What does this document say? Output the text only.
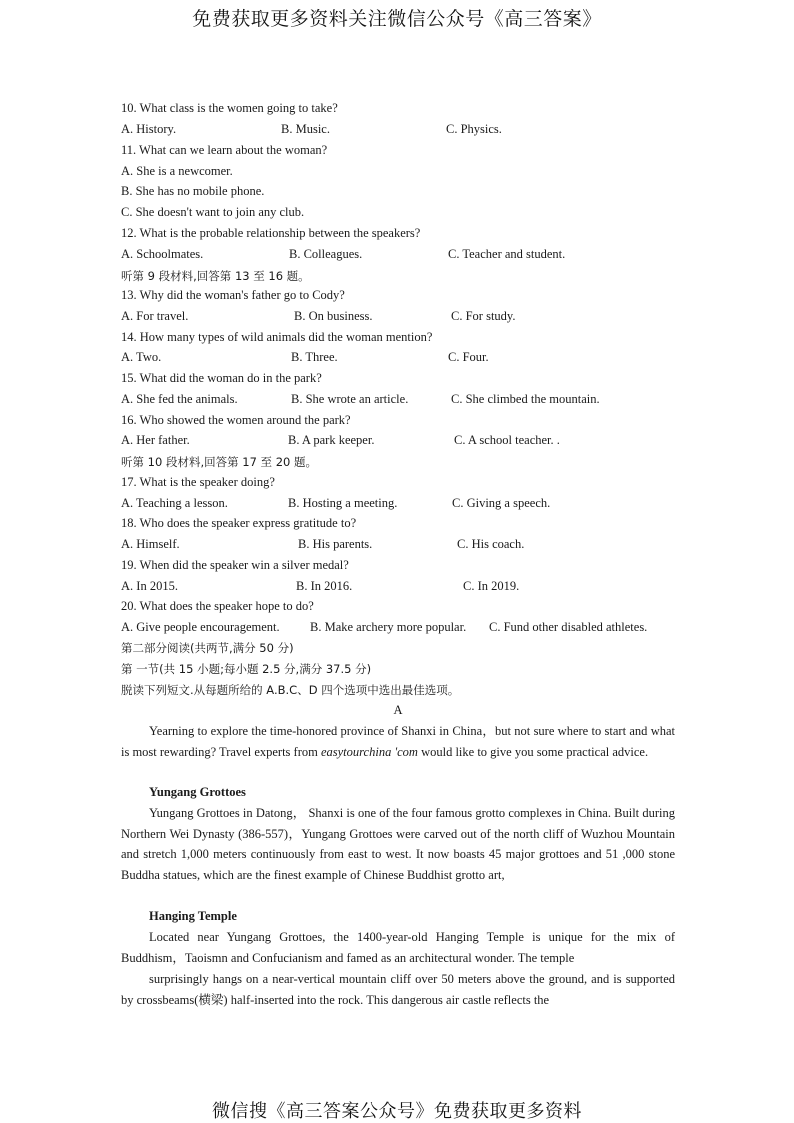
免费获取更多资料关注微信公众号《高三答案》
10. What class is the women going to take?
A. History.	B. Music.	C. Physics.
11. What can we learn about the woman?
A. She is a newcomer.
B. She has no mobile phone.
C. She doesn't want to join any club.
12. What is the probable relationship between the speakers?
A. Schoolmates.	B. Colleagues.	C. Teacher and student.
听第 9 段材料,回答第 13 至 16 题。
13. Why did the woman's father go to Cody?
A. For travel.	B. On business.	C. For study.
14. How many types of wild animals did the woman mention?
A. Two.	B. Three.	C. Four.
15. What did the woman do in the park?
A. She fed the animals.	B. She wrote an article.	C. She climbed the mountain.
16. Who showed the women around the park?
A. Her father.	B. A park keeper.	C. A school teacher. .
听第 10 段材料,回答第 17 至 20 题。
17. What is the speaker doing?
A. Teaching a lesson.	B. Hosting a meeting.	C. Giving a speech.
18. Who does the speaker express gratitude to?
A. Himself.	B. His parents.	C. His coach.
19. When did the speaker win a silver medal?
A. In 2015.	B. In 2016.	C. In 2019.
20. What does the speaker hope to do?
A. Give people encouragement. B. Make archery more popular. C. Fund other disabled athletes.
第二部分阅读(共两节,满分 50 分)
第 一节(共 15 小题;每小题 2.5 分,满分 37.5 分)
脱读下列短文.从每题所给的 A.B.C、D 四个选项中选出最佳选项。
A

Yearning to explore the time-honored province of Shanxi in China，but not sure where to start and what is most rewarding? Travel experts from easytourchina 'com would like to give you some practical advice.

Yungang Grottoes

Yungang Grottoes in Datong， Shanxi is one of the four famous grotto complexes in China. Built during Northern Wei Dynasty (386-557)，Yungang Grottoes were carved out of the north cliff of Wuzhou Mountain and stretch 1,000 meters continuously from east to west. It now boasts 45 major grottoes and 51 ,000 stone Buddha statues, which are the finest example of Chinese Buddhist grotto art,

Hanging Temple

Located near Yungang Grottoes, the 1400-year-old Hanging Temple is unique for the mix of Buddhism，Taoismn and Confucianism and famed as an architectural wonder. The temple

surprisingly hangs on a near-vertical mountain cliff over 50 meters above the ground, and is supported by crossbeams(横梁) half-inserted into the rock. This dangerous air castle reflects the

微信搜《高三答案公众号》免费获取更多资料
